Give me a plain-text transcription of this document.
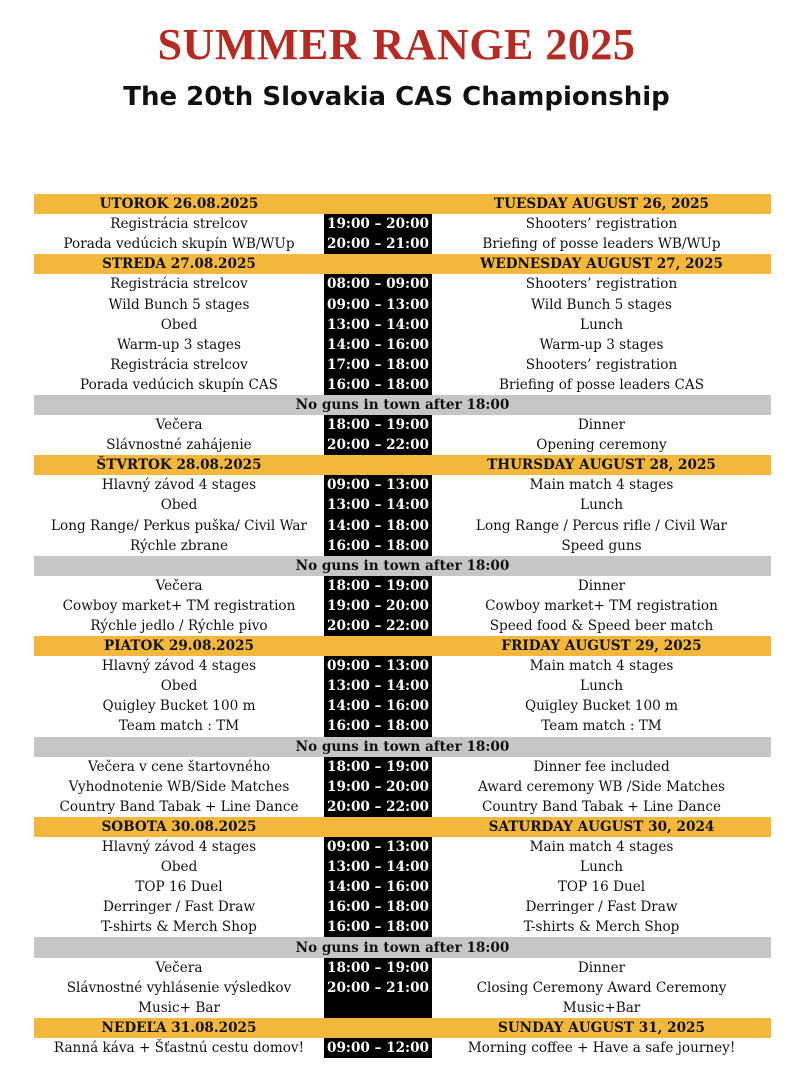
SUMMER RANGE 2025
The 20th Slovakia CAS Championship
UTOROK 26.08.2025	TUESDAY AUGUST 26, 2025
Registrácia strelcov	19:00 – 20:00	Shooters’ registration
Porada vedúcich skupín WB/WUp	20:00 – 21:00	Briefing of posse leaders WB/WUp
STREDA 27.08.2025	WEDNESDAY AUGUST 27, 2025
Registrácia strelcov	08:00 – 09:00	Shooters’ registration
Wild Bunch 5 stages	09:00 – 13:00	Wild Bunch 5 stages
Obed	13:00 – 14:00	Lunch
Warm-up 3 stages	14:00 – 16:00	Warm-up 3 stages
Registrácia strelcov	17:00 – 18:00	Shooters’ registration
Porada vedúcich skupín CAS	16:00 – 18:00	Briefing of posse leaders CAS
No guns in town after 18:00
Večera	18:00 – 19:00	Dinner
Slávnostné zahájenie	20:00 – 22:00	Opening ceremony
ŠTVRTOK 28.08.2025	THURSDAY AUGUST 28, 2025
Hlavný závod 4 stages	09:00 – 13:00	Main match 4 stages
Obed	13:00 – 14:00	Lunch
Long Range/ Perkus puška/ Civil War	14:00 – 18:00	Long Range / Percus rifle / Civil War
Rýchle zbrane	16:00 – 18:00	Speed guns
No guns in town after 18:00
Večera	18:00 – 19:00	Dinner
Cowboy market+ TM registration	19:00 – 20:00	Cowboy market+ TM registration
Rýchle jedlo / Rýchle pivo	20:00 – 22:00	Speed food & Speed beer match
PIATOK 29.08.2025	FRIDAY AUGUST 29, 2025
Hlavný závod 4 stages	09:00 – 13:00	Main match 4 stages
Obed	13:00 – 14:00	Lunch
Quigley Bucket 100 m	14:00 – 16:00	Quigley Bucket 100 m
Team match : TM	16:00 – 18:00	Team match : TM
No guns in town after 18:00
Večera v cene štartovného	18:00 – 19:00	Dinner fee included
Vyhodnotenie WB/Side Matches	19:00 – 20:00	Award ceremony WB /Side Matches
Country Band Tabak + Line Dance	20:00 – 22:00	Country Band Tabak + Line Dance
SOBOTA 30.08.2025	SATURDAY AUGUST 30, 2024
Hlavný závod 4 stages	09:00 – 13:00	Main match 4 stages
Obed	13:00 – 14:00	Lunch
TOP 16 Duel	14:00 – 16:00	TOP 16 Duel
Derringer / Fast Draw	16:00 – 18:00	Derringer / Fast Draw
T-shirts & Merch Shop	16:00 – 18:00	T-shirts & Merch Shop
No guns in town after 18:00
Večera	18:00 – 19:00	Dinner
Slávnostné vyhlásenie výsledkov	20:00 – 21:00	Closing Ceremony Award Ceremony
Music+ Bar	Music+Bar
NEDEĽA 31.08.2025	SUNDAY AUGUST 31, 2025
Ranná káva + Šťastnú cestu domov!	09:00 – 12:00	Morning coffee + Have a safe journey!
